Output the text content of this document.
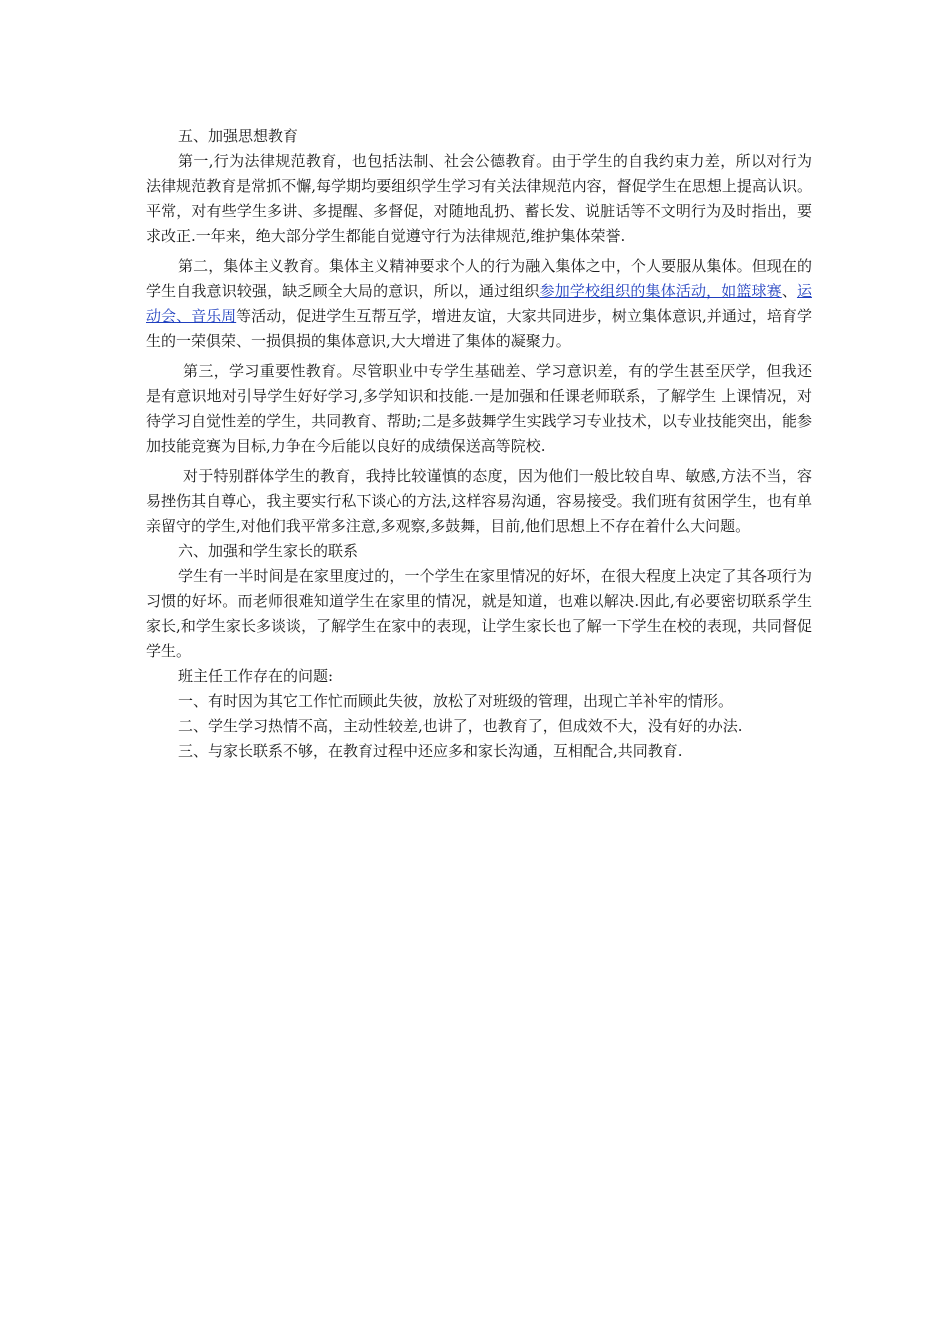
五、加强思想教育

第一,行为法律规范教育，也包括法制、社会公德教育。由于学生的自我约束力差，所以对行为法律规范教育是常抓不懈,每学期均要组织学生学习有关法律规范内容，督促学生在思想上提高认识。平常，对有些学生多讲、多提醒、多督促，对随地乱扔、蓄长发、说脏话等不文明行为及时指出，要求改正.一年来，绝大部分学生都能自觉遵守行为法律规范,维护集体荣誉.

第二，集体主义教育。集体主义精神要求个人的行为融入集体之中，个人要服从集体。但现在的学生自我意识较强，缺乏顾全大局的意识，所以，通过组织参加学校组织的集体活动，如篮球赛、运动会、音乐周等活动，促进学生互帮互学，增进友谊，大家共同进步，树立集体意识,并通过，培育学生的一荣俱荣、一损俱损的集体意识,大大增进了集体的凝聚力。

第三，学习重要性教育。尽管职业中专学生基础差、学习意识差，有的学生甚至厌学，但我还是有意识地对引导学生好好学习,多学知识和技能.一是加强和任课老师联系，了解学生 上课情况，对待学习自觉性差的学生，共同教育、帮助;二是多鼓舞学生实践学习专业技术，以专业技能突出，能参加技能竞赛为目标,力争在今后能以良好的成绩保送高等院校.

对于特别群体学生的教育，我持比较谨慎的态度，因为他们一般比较自卑、敏感,方法不当，容易挫伤其自尊心，我主要实行私下谈心的方法,这样容易沟通，容易接受。我们班有贫困学生，也有单亲留守的学生,对他们我平常多注意,多观察,多鼓舞，目前,他们思想上不存在着什么大问题。

六、加强和学生家长的联系

学生有一半时间是在家里度过的，一个学生在家里情况的好坏，在很大程度上决定了其各项行为习惯的好坏。而老师很难知道学生在家里的情况，就是知道，也难以解决.因此,有必要密切联系学生家长,和学生家长多谈谈，了解学生在家中的表现，让学生家长也了解一下学生在校的表现，共同督促学生。

班主任工作存在的问题:

一、有时因为其它工作忙而顾此失彼，放松了对班级的管理，出现亡羊补牢的情形。

二、学生学习热情不高，主动性较差,也讲了，也教育了，但成效不大，没有好的办法.

三、与家长联系不够，在教育过程中还应多和家长沟通，互相配合,共同教育.
